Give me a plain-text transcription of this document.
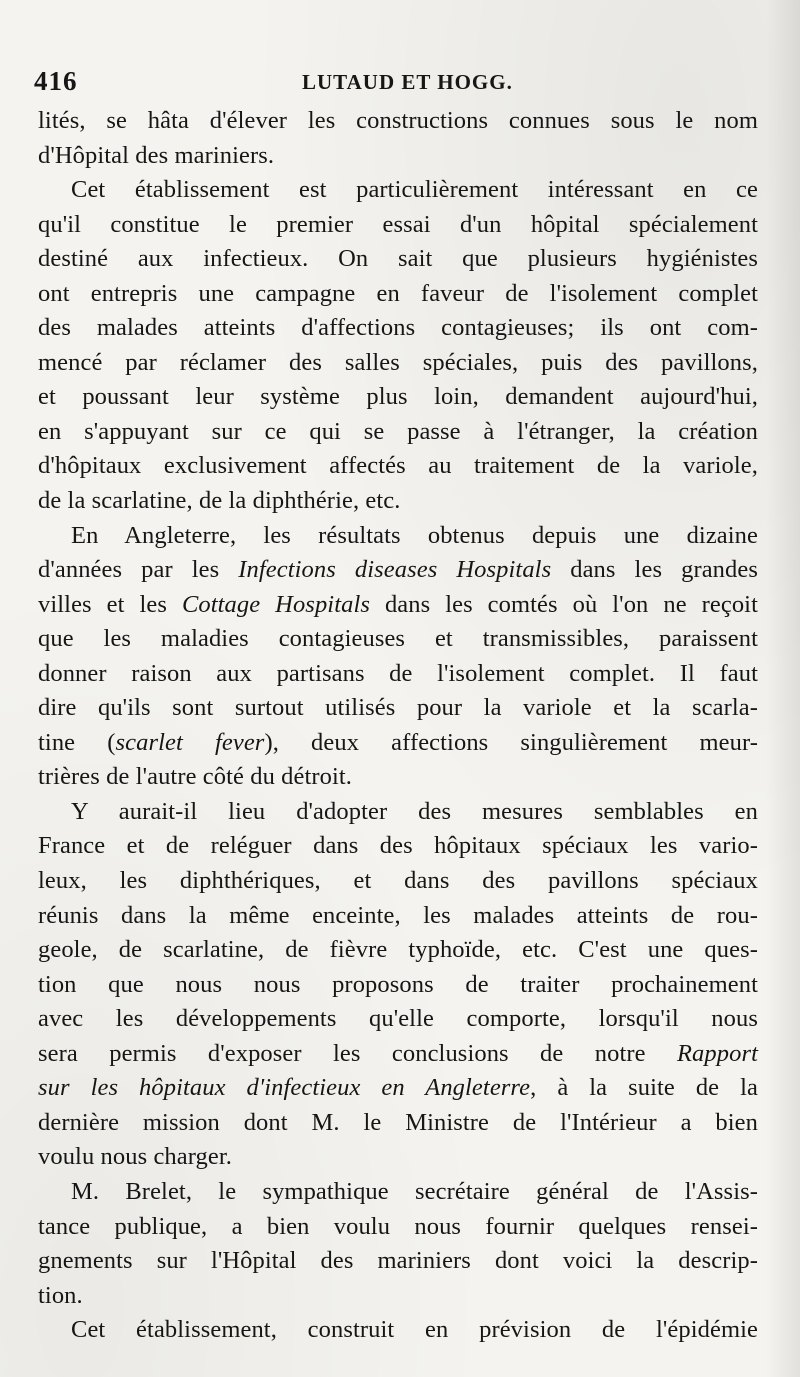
416	LUTAUD ET HOGG.
lités, se hâta d'élever les constructions connues sous le nom
d'Hôpital des mariniers.
Cet établissement est particulièrement intéressant en ce
qu'il constitue le premier essai d'un hôpital spécialement
destiné aux infectieux. On sait que plusieurs hygiénistes
ont entrepris une campagne en faveur de l'isolement complet
des malades atteints d'affections contagieuses; ils ont com-
mencé par réclamer des salles spéciales, puis des pavillons,
et poussant leur système plus loin, demandent aujourd'hui,
en s'appuyant sur ce qui se passe à l'étranger, la création
d'hôpitaux exclusivement affectés au traitement de la variole,
de la scarlatine, de la diphthérie, etc.
En Angleterre, les résultats obtenus depuis une dizaine
d'années par les Infections diseases Hospitals dans les grandes
villes et les Cottage Hospitals dans les comtés où l'on ne reçoit
que les maladies contagieuses et transmissibles, paraissent
donner raison aux partisans de l'isolement complet. Il faut
dire qu'ils sont surtout utilisés pour la variole et la scarla-
tine (scarlet fever), deux affections singulièrement meur-
trières de l'autre côté du détroit.
Y aurait-il lieu d'adopter des mesures semblables en
France et de reléguer dans des hôpitaux spéciaux les vario-
leux, les diphthériques, et dans des pavillons spéciaux
réunis dans la même enceinte, les malades atteints de rou-
geole, de scarlatine, de fièvre typhoïde, etc. C'est une ques-
tion que nous nous proposons de traiter prochainement
avec les développements qu'elle comporte, lorsqu'il nous
sera permis d'exposer les conclusions de notre Rapport
sur les hôpitaux d'infectieux en Angleterre, à la suite de la
dernière mission dont M. le Ministre de l'Intérieur a bien
voulu nous charger.
M. Brelet, le sympathique secrétaire général de l'Assis-
tance publique, a bien voulu nous fournir quelques rensei-
gnements sur l'Hôpital des mariniers dont voici la descrip-
tion.
Cet établissement, construit en prévision de l'épidémie
